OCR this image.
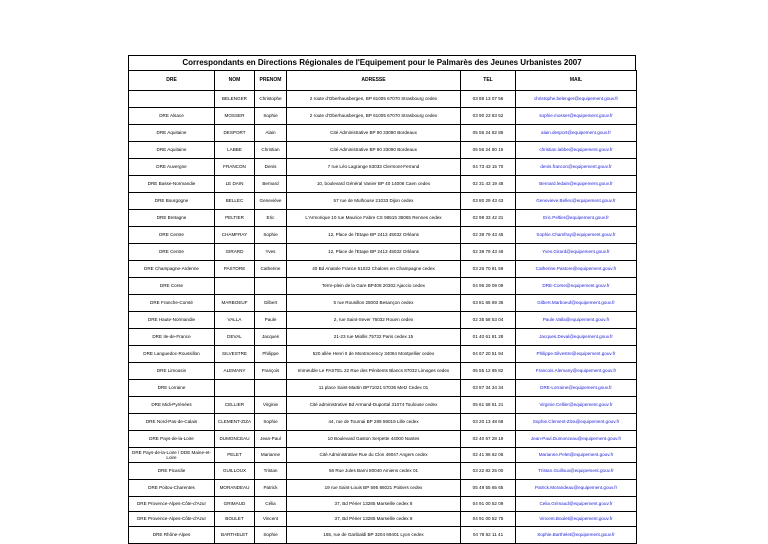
Correspondants en Directions Régionales de l'Equipement pour le Palmarès des Jeunes Urbanistes 2007
DRE	NOM	PRENOM	ADRESSE	TEL	MAIL
	BELENGER	Christophe	2 route d'Oberhausbergen, BP 61005 67070 Strasbourg cedex	03 88 13 07 56	christophe.belenger@equipement.gouv.fr
DRE Alsace	MOSSER	Sophie	2 route d'Oberhausbergen, BP 61005 67070 Strasbourg cedex	03 90 23 83 52	sophie.mosser@equipement.gouv.fr
DRE Aquitaine	DESPORT	Alain	Cité Administrative BP 90 33090 Bordeaux	05 56 24 82 85	alain.desport@equipement.gouv.fr
DRE Aquitaine	LABBE	Christian	Cité Administrative BP 90 33090 Bordeaux	05 56 24 80 15	christian.labbe@equipement.gouv.fr
DRE Auvergne	FRANCON	Denis	7 rue Léo Lagrange 63033 Clermont-Ferrand	04 73 43 15 70	denis.francon@equipement.gouv.fr
DRE Basse-Normandie	LE DAIN	Bernard	10, boulevard Général Vanier BP 40 14006 Caen cedex	02 31 43 19 48	Bernard.ledain@equipement.gouv.fr
DRE Bourgogne	BELLEC	Geneviève	57 rue de Mulhouse 21033 Dijon cedex	03 80 29 43 43	Genevieve.Bellec@equipement.gouv.fr
DRE Bretagne	PELTIER	Eric	L'Armorique 10 rue Maurice Fabre CS 96515 35065 Rennes cedex	02 99 33 42 31	Eric.Peltier@equipement.gouv.fr
DRE Centre	CHAMFRAY	Sophie	12, Place de l'Etape BP 2413 45032 Orléans	02 38 79 43 45	Sophie.Chamfray@equipement.gouv.fr
DRE Centre	GIRARD	Yves	12, Place de l'Etape BP 2413 45032 Orléans	02 38 79 43 46	Yves.Girard@equipement.gouv.fr
DRE Champagne-Ardenne	PASTORE	Catherine	40 Bd Anatole France 51022 Chalons en Champagne cedex	03 26 70 81 59	Catherine.Pastore@equipement.gouv.fr
DRE Corse			Terre-plein de la Gare BP408 20302 Ajaccio cedex	04 95 29 09 09	DRE-Corse@equipement.gouv.fr
DRE Franche-Comté	MARBOEUF	Gilbert	5 rue Rousillon 25003 Besançon cedex	03 81 65 69 36	Gilbert.Marboeuf@equipement.gouv.fr
DRE Haute-Normandie	VALLA	Paule	2, rue Saint-Sever 76032 Rouen cedex	02 35 58 53 04	Paule.Valla@equipement.gouv.fr
DRE Ile-de-France	DEVAL	Jacques	21-23 rue Miollis 75732 Paris cedex 15	01 40 61 81 28	Jacques.Deval@equipement.gouv.fr
DRE Languedoc-Roussillon	SILVESTRE	Philippe	520 allée Henri II de Montmorency 34064 Montpellier cedex	04 67 20 51 94	Philippe.Silvestre@equipement.gouv.fr
DRE Limousin	ALEMANY	François	Immeuble Le PASTEL 22 Rue des Pénitents Blancs 87032 Limoges cedex	05 55 12 95 82	Francois.Alemany@equipement.gouv.fr
DRE Lorraine			11 place Saint-Martin BP71021 57036 Metz Cedex 01	03 87 34 34 34	DRE-Lorraine@equipement.gouv.fr
DRE Midi-Pyrénées	CELLIER	Virginie	Cité administrative Bd Armand-Duportal 31074 Toulouse cedex	05 61 58 51 21	Virginie.Cellier@equipement.gouv.fr
DRE Nord-Pas-de-Calais	CLEMENT-ZIZA	Sophie	44, rue de Tournai BP 289 59019 Lille cedex	03 20 13 48 68	Sophie.Clement-Ziza@equipement.gouv.fr
DRE Pays-de-la-Loire	DUMONCEAU	Jean-Paul	10 Boulevard Gaston Serpette 44000 Nantes	02 40 67 28 19	Jean-Paul.Dumonceau@equipement.gouv.fr
DRE Pays-de-la-Loire / DDE Maine-et-Loire	PELET	Marianne	Cité Administrative Rue du Clon 49047 Angers cedex	02 41 86 62 06	Marianne.Pelet@equipement.gouv.fr
DRE Picardie	GUILLOUX	Tristan	56 Rue Jules Barni 80040 Amiens cedex 01	03 22 82 25 00	Tristan.Guilloux@equipement.gouv.fr
DRE Poitou-Charentes	MORANDEAU	Patrick	19 rue Saint-Louis BP 595 86021 Poitiers cedex	05 49 55 65 65	Patrick.Morandeau@equipement.gouv.fr
DRE Provence-Alpes-Côte-d'Azur	GRIMAUD	Célia	37, Bd Périer 13285 Marseille cedex 8	04 91 00 52 09	Celia.Grimaud@equipement.gouv.fr
DRE Provence-Alpes-Côte-d'Azur	BOULET	Vincent	37, Bd Périer 13285 Marseille cedex 8	04 91 00 52 75	Vincent.Boulet@equipement.gouv.fr
DRE Rhône-Alpes	BARTHELET	Sophie	165, rue de Garibaldi BP 3204 69401 Lyon cedex	04 78 62 11 41	Sophie.Barthelet@equipement.gouv.fr
